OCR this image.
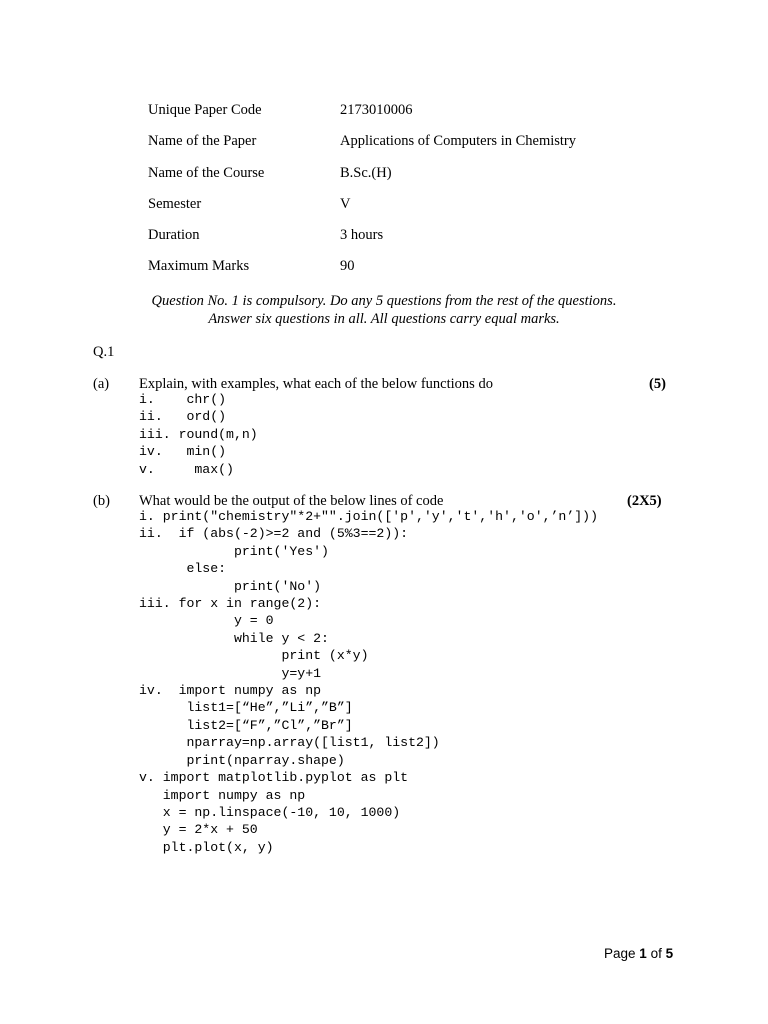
Unique Paper Code	2173010006
Name of the Paper	Applications of Computers in Chemistry
Name of the Course	B.Sc.(H)
Semester	V
Duration	3 hours
Maximum Marks	90
Question No. 1 is compulsory. Do any 5 questions from the rest of the questions.
Answer six questions in all. All questions carry equal marks.
Q.1
(a) Explain, with examples, what each of the below functions do	(5)
i.    chr()
ii.   ord()
iii. round(m,n)
iv.   min()
v.     max()
(b) What would be the output of the below lines of code	(2X5)
i. print("chemistry"*2+"".join(['p','y','t','h','o',’n’]))
ii.  if (abs(-2)>=2 and (5%3==2)):
print('Yes')
else:
print('No')
iii. for x in range(2):
y = 0
while y < 2:
print (x*y)
y=y+1
iv.  import numpy as np
list1=[“He”,”Li”,”B”]
list2=[“F”,”Cl”,”Br”]
nparray=np.array([list1, list2])
print(nparray.shape)
v. import matplotlib.pyplot as plt
import numpy as np
x = np.linspace(-10, 10, 1000)
y = 2*x + 50
plt.plot(x, y)
Page 1 of 5
